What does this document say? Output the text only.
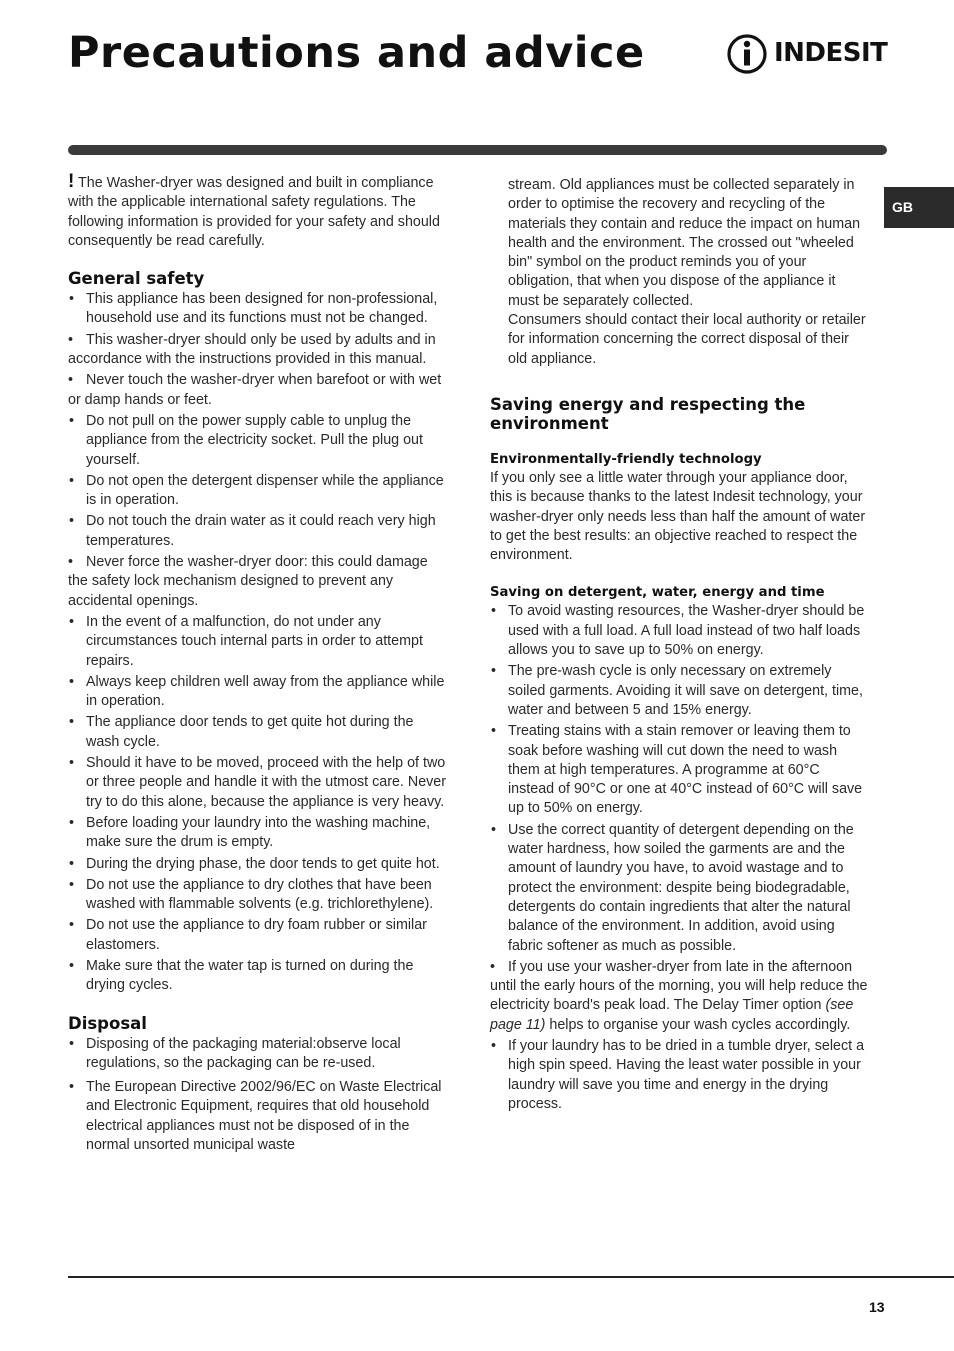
Precautions and advice	INDESIT
GB

! The Washer-dryer was designed and built in compliance with the applicable international safety regulations. The following information is provided for your safety and should consequently be read carefully.

General safety
• This appliance has been designed for non-professional, household use and its functions must not be changed.
• This washer-dryer should only be used by adults and in accordance with the instructions provided in this manual.
• Never touch the washer-dryer when barefoot or with wet or damp hands or feet.
• Do not pull on the power supply cable to unplug the appliance from the electricity socket. Pull the plug out yourself.
• Do not open the detergent dispenser while the appliance is in operation.
• Do not touch the drain water as it could reach very high temperatures.
• Never force the washer-dryer door: this could damage the safety lock mechanism designed to prevent any accidental openings.
• In the event of a malfunction, do not under any circumstances touch internal parts in order to attempt repairs.
• Always keep children well away from the appliance while in operation.
• The appliance door tends to get quite hot during the wash cycle.
• Should it have to be moved, proceed with the help of two or three people and handle it with the utmost care. Never try to do this alone, because the appliance is very heavy.
• Before loading your laundry into the washing machine, make sure the drum is empty.
• During the drying phase, the door tends to get quite hot.
• Do not use the appliance to dry clothes that have been washed with flammable solvents (e.g. trichlorethylene).
• Do not use the appliance to dry foam rubber or similar elastomers.
• Make sure that the water tap is turned on during the drying cycles.
Disposal
• Disposing of the packaging material:observe local regulations, so the packaging can be re-used.
• The European Directive 2002/96/EC on Waste Electrical and Electronic Equipment, requires that old household electrical appliances must not be disposed of in the normal unsorted municipal waste

stream. Old appliances must be collected separately in order to optimise the recovery and recycling of the materials they contain and reduce the impact on human health and the environment. The crossed out "wheeled bin" symbol on the product reminds you of your obligation, that when you dispose of the appliance it must be separately collected.

Consumers should contact their local authority or retailer for information concerning the correct disposal of their old appliance.

Saving energy and respecting the environment
Environmentally-friendly technology

If you only see a little water through your appliance door, this is because thanks to the latest Indesit technology, your washer-dryer only needs less than half the amount of water to get the best results: an objective reached to respect the environment.

Saving on detergent, water, energy and time
• To avoid wasting resources, the Washer-dryer should be used with a full load. A full load instead of two half loads allows you to save up to 50% on energy.
• The pre-wash cycle is only necessary on extremely soiled garments. Avoiding it will save on detergent, time, water and between 5 and 15% energy.
• Treating stains with a stain remover or leaving them to soak before washing will cut down the need to wash them at high temperatures. A programme at 60°C instead of 90°C or one at 40°C instead of 60°C will save up to 50% on energy.
• Use the correct quantity of detergent depending on the water hardness, how soiled the garments are and the amount of laundry you have, to avoid wastage and to protect the environment: despite being biodegradable, detergents do contain ingredients that alter the natural balance of the environment. In addition, avoid using fabric softener as much as possible.
• If you use your washer-dryer from late in the afternoon until the early hours of the morning, you will help reduce the electricity board's peak load. The Delay Timer option (see page 11) helps to organise your wash cycles accordingly.
• If your laundry has to be dried in a tumble dryer, select a high spin speed. Having the least water possible in your laundry will save you time and energy in the drying process.
13
